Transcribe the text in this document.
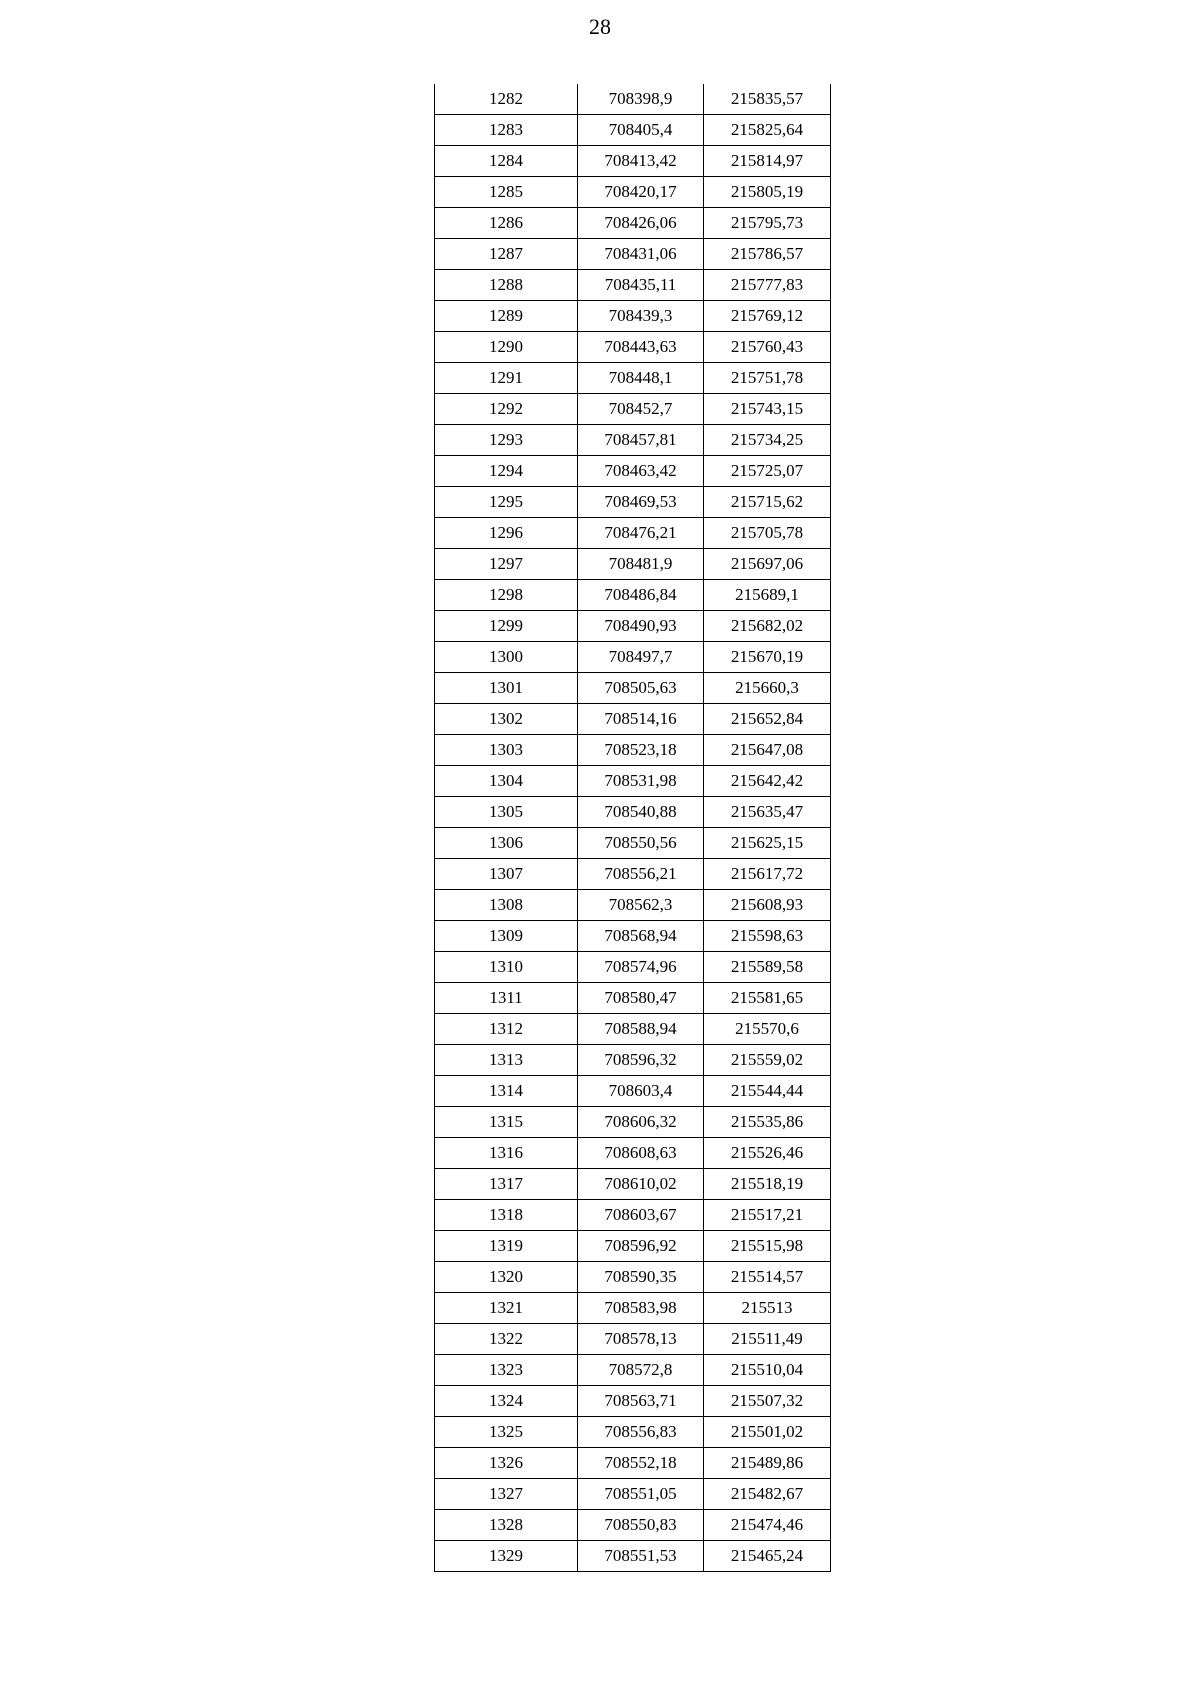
28
1282	708398,9	215835,57
1283	708405,4	215825,64
1284	708413,42	215814,97
1285	708420,17	215805,19
1286	708426,06	215795,73
1287	708431,06	215786,57
1288	708435,11	215777,83
1289	708439,3	215769,12
1290	708443,63	215760,43
1291	708448,1	215751,78
1292	708452,7	215743,15
1293	708457,81	215734,25
1294	708463,42	215725,07
1295	708469,53	215715,62
1296	708476,21	215705,78
1297	708481,9	215697,06
1298	708486,84	215689,1
1299	708490,93	215682,02
1300	708497,7	215670,19
1301	708505,63	215660,3
1302	708514,16	215652,84
1303	708523,18	215647,08
1304	708531,98	215642,42
1305	708540,88	215635,47
1306	708550,56	215625,15
1307	708556,21	215617,72
1308	708562,3	215608,93
1309	708568,94	215598,63
1310	708574,96	215589,58
1311	708580,47	215581,65
1312	708588,94	215570,6
1313	708596,32	215559,02
1314	708603,4	215544,44
1315	708606,32	215535,86
1316	708608,63	215526,46
1317	708610,02	215518,19
1318	708603,67	215517,21
1319	708596,92	215515,98
1320	708590,35	215514,57
1321	708583,98	215513
1322	708578,13	215511,49
1323	708572,8	215510,04
1324	708563,71	215507,32
1325	708556,83	215501,02
1326	708552,18	215489,86
1327	708551,05	215482,67
1328	708550,83	215474,46
1329	708551,53	215465,24
